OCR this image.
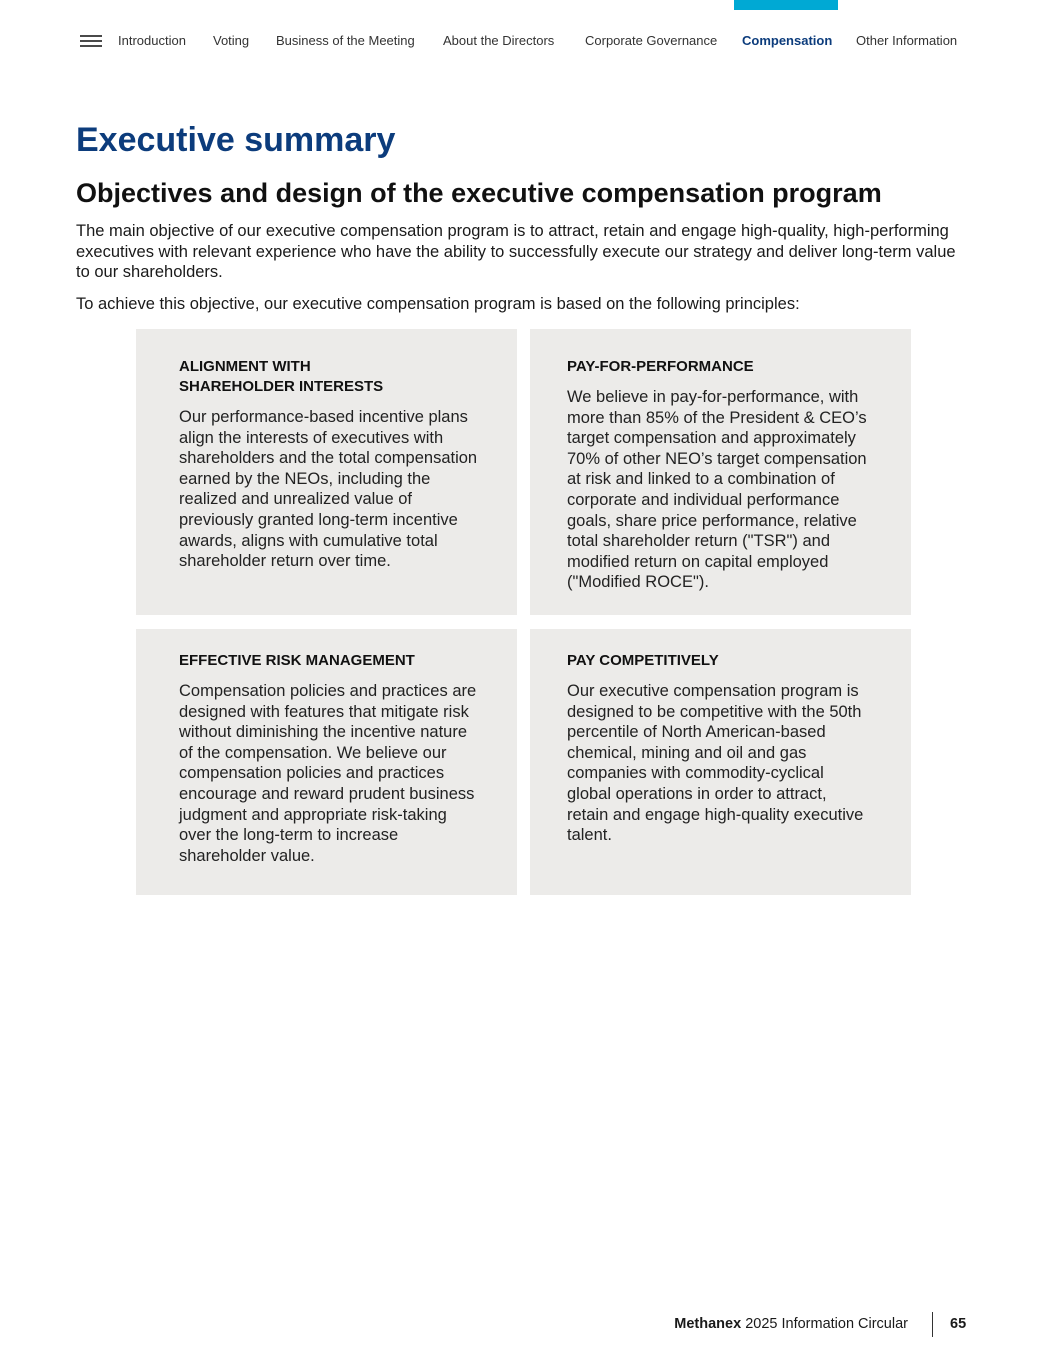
Introduction Voting Business of the Meeting About the Directors Corporate Governance Compensation Other Information
Executive summary
Objectives and design of the executive compensation program

The main objective of our executive compensation program is to attract, retain and engage high-quality, high-performing executives with relevant experience who have the ability to successfully execute our strategy and deliver long-term value to our shareholders.

To achieve this objective, our executive compensation program is based on the following principles:

ALIGNMENT WITH SHAREHOLDER INTERESTS

Our performance-based incentive plans align the interests of executives with shareholders and the total compensation earned by the NEOs, including the realized and unrealized value of previously granted long-term incentive awards, aligns with cumulative total shareholder return over time.

PAY-FOR-PERFORMANCE

We believe in pay-for-performance, with more than 85% of the President & CEO’s target compensation and approximately 70% of other NEO’s target compensation at risk and linked to a combination of corporate and individual performance goals, share price performance, relative total shareholder return ("TSR") and modified return on capital employed ("Modified ROCE").

EFFECTIVE RISK MANAGEMENT

Compensation policies and practices are designed with features that mitigate risk without diminishing the incentive nature of the compensation. We believe our compensation policies and practices encourage and reward prudent business judgment and appropriate risk-taking over the long-term to increase shareholder value.

PAY COMPETITIVELY

Our executive compensation program is designed to be competitive with the 50th percentile of North American-based chemical, mining and oil and gas companies with commodity-cyclical global operations in order to attract, retain and engage high-quality executive talent.

Methanex 2025 Information Circular	65
